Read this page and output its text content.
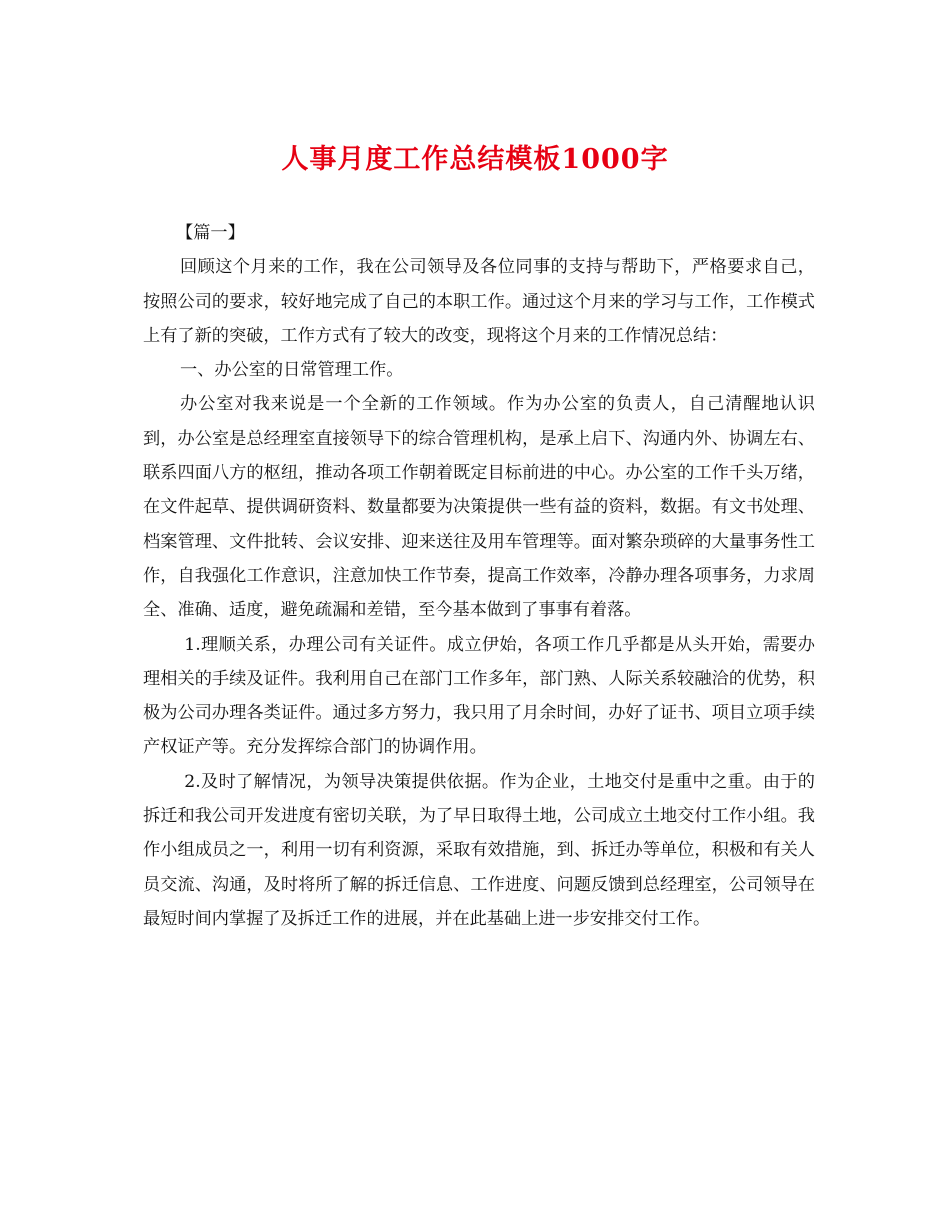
人事月度工作总结模板1000字

【篇一】

回顾这个月来的工作，我在公司领导及各位同事的支持与帮助下，严格要求自己，按照公司的要求，较好地完成了自己的本职工作。通过这个月来的学习与工作，工作模式上有了新的突破，工作方式有了较大的改变，现将这个月来的工作情况总结：

一、办公室的日常管理工作。

办公室对我来说是一个全新的工作领域。作为办公室的负责人，自己清醒地认识到，办公室是总经理室直接领导下的综合管理机构，是承上启下、沟通内外、协调左右、联系四面八方的枢纽，推动各项工作朝着既定目标前进的中心。办公室的工作千头万绪，在文件起草、提供调研资料、数量都要为决策提供一些有益的资料，数据。有文书处理、档案管理、文件批转、会议安排、迎来送往及用车管理等。面对繁杂琐碎的大量事务性工作，自我强化工作意识，注意加快工作节奏，提高工作效率，冷静办理各项事务，力求周全、准确、适度，避免疏漏和差错，至今基本做到了事事有着落。

1.理顺关系，办理公司有关证件。成立伊始，各项工作几乎都是从头开始，需要办理相关的手续及证件。我利用自己在部门工作多年，部门熟、人际关系较融洽的优势，积极为公司办理各类证件。通过多方努力，我只用了月余时间，办好了证书、项目立项手续产权证产等。充分发挥综合部门的协调作用。

2.及时了解情况，为领导决策提供依据。作为企业，土地交付是重中之重。由于的拆迁和我公司开发进度有密切关联，为了早日取得土地，公司成立土地交付工作小组。我作小组成员之一，利用一切有利资源，采取有效措施，到、拆迁办等单位，积极和有关人员交流、沟通，及时将所了解的拆迁信息、工作进度、问题反馈到总经理室，公司领导在最短时间内掌握了及拆迁工作的进展，并在此基础上进一步安排交付工作。
